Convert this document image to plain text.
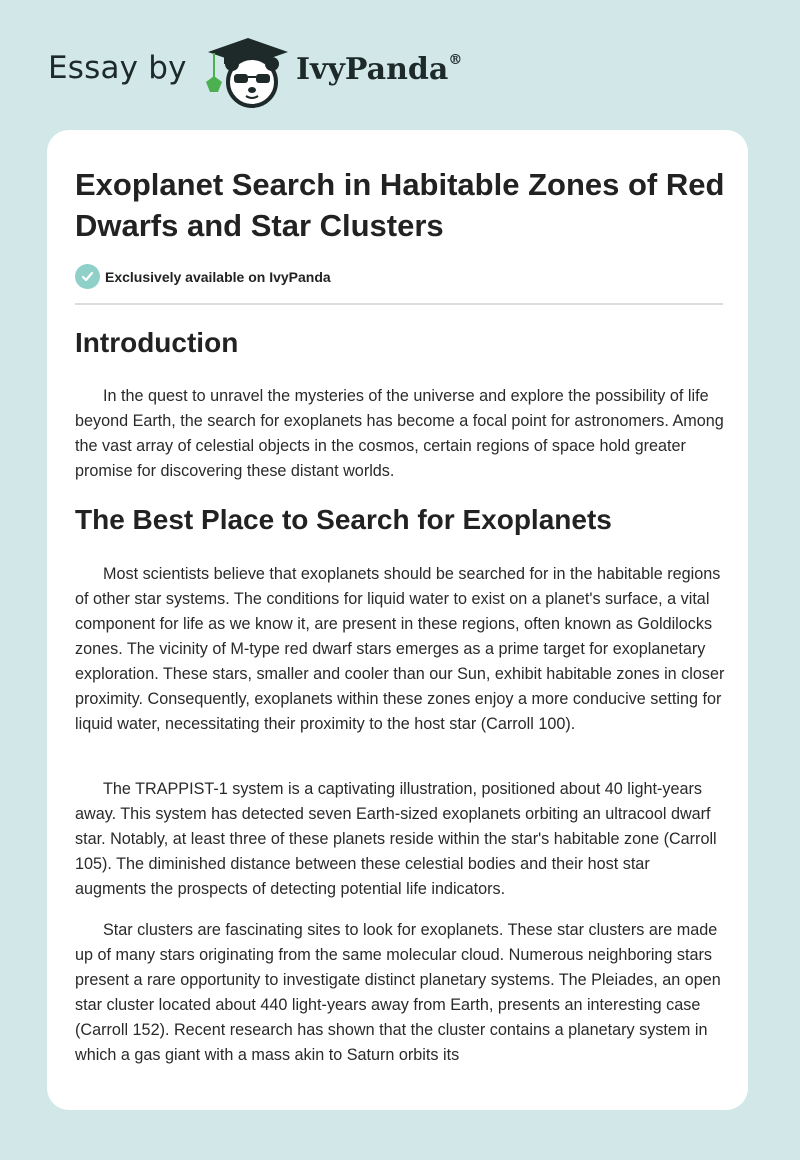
Essay by	IvyPanda®
Exoplanet Search in Habitable Zones of Red Dwarfs and Star Clusters
Exclusively available on IvyPanda
Introduction

In the quest to unravel the mysteries of the universe and explore the possibility of life beyond Earth, the search for exoplanets has become a focal point for astronomers. Among the vast array of celestial objects in the cosmos, certain regions of space hold greater promise for discovering these distant worlds.

The Best Place to Search for Exoplanets

Most scientists believe that exoplanets should be searched for in the habitable regions of other star systems. The conditions for liquid water to exist on a planet's surface, a vital component for life as we know it, are present in these regions, often known as Goldilocks zones. The vicinity of M-type red dwarf stars emerges as a prime target for exoplanetary exploration. These stars, smaller and cooler than our Sun, exhibit habitable zones in closer proximity. Consequently, exoplanets within these zones enjoy a more conducive setting for liquid water, necessitating their proximity to the host star (Carroll 100).

The TRAPPIST-1 system is a captivating illustration, positioned about 40 light-years away. This system has detected seven Earth-sized exoplanets orbiting an ultracool dwarf star. Notably, at least three of these planets reside within the star's habitable zone (Carroll 105). The diminished distance between these celestial bodies and their host star augments the prospects of detecting potential life indicators.

Star clusters are fascinating sites to look for exoplanets. These star clusters are made up of many stars originating from the same molecular cloud. Numerous neighboring stars present a rare opportunity to investigate distinct planetary systems. The Pleiades, an open star cluster located about 440 light-years away from Earth, presents an interesting case (Carroll 152). Recent research has shown that the cluster contains a planetary system in which a gas giant with a mass akin to Saturn orbits its
